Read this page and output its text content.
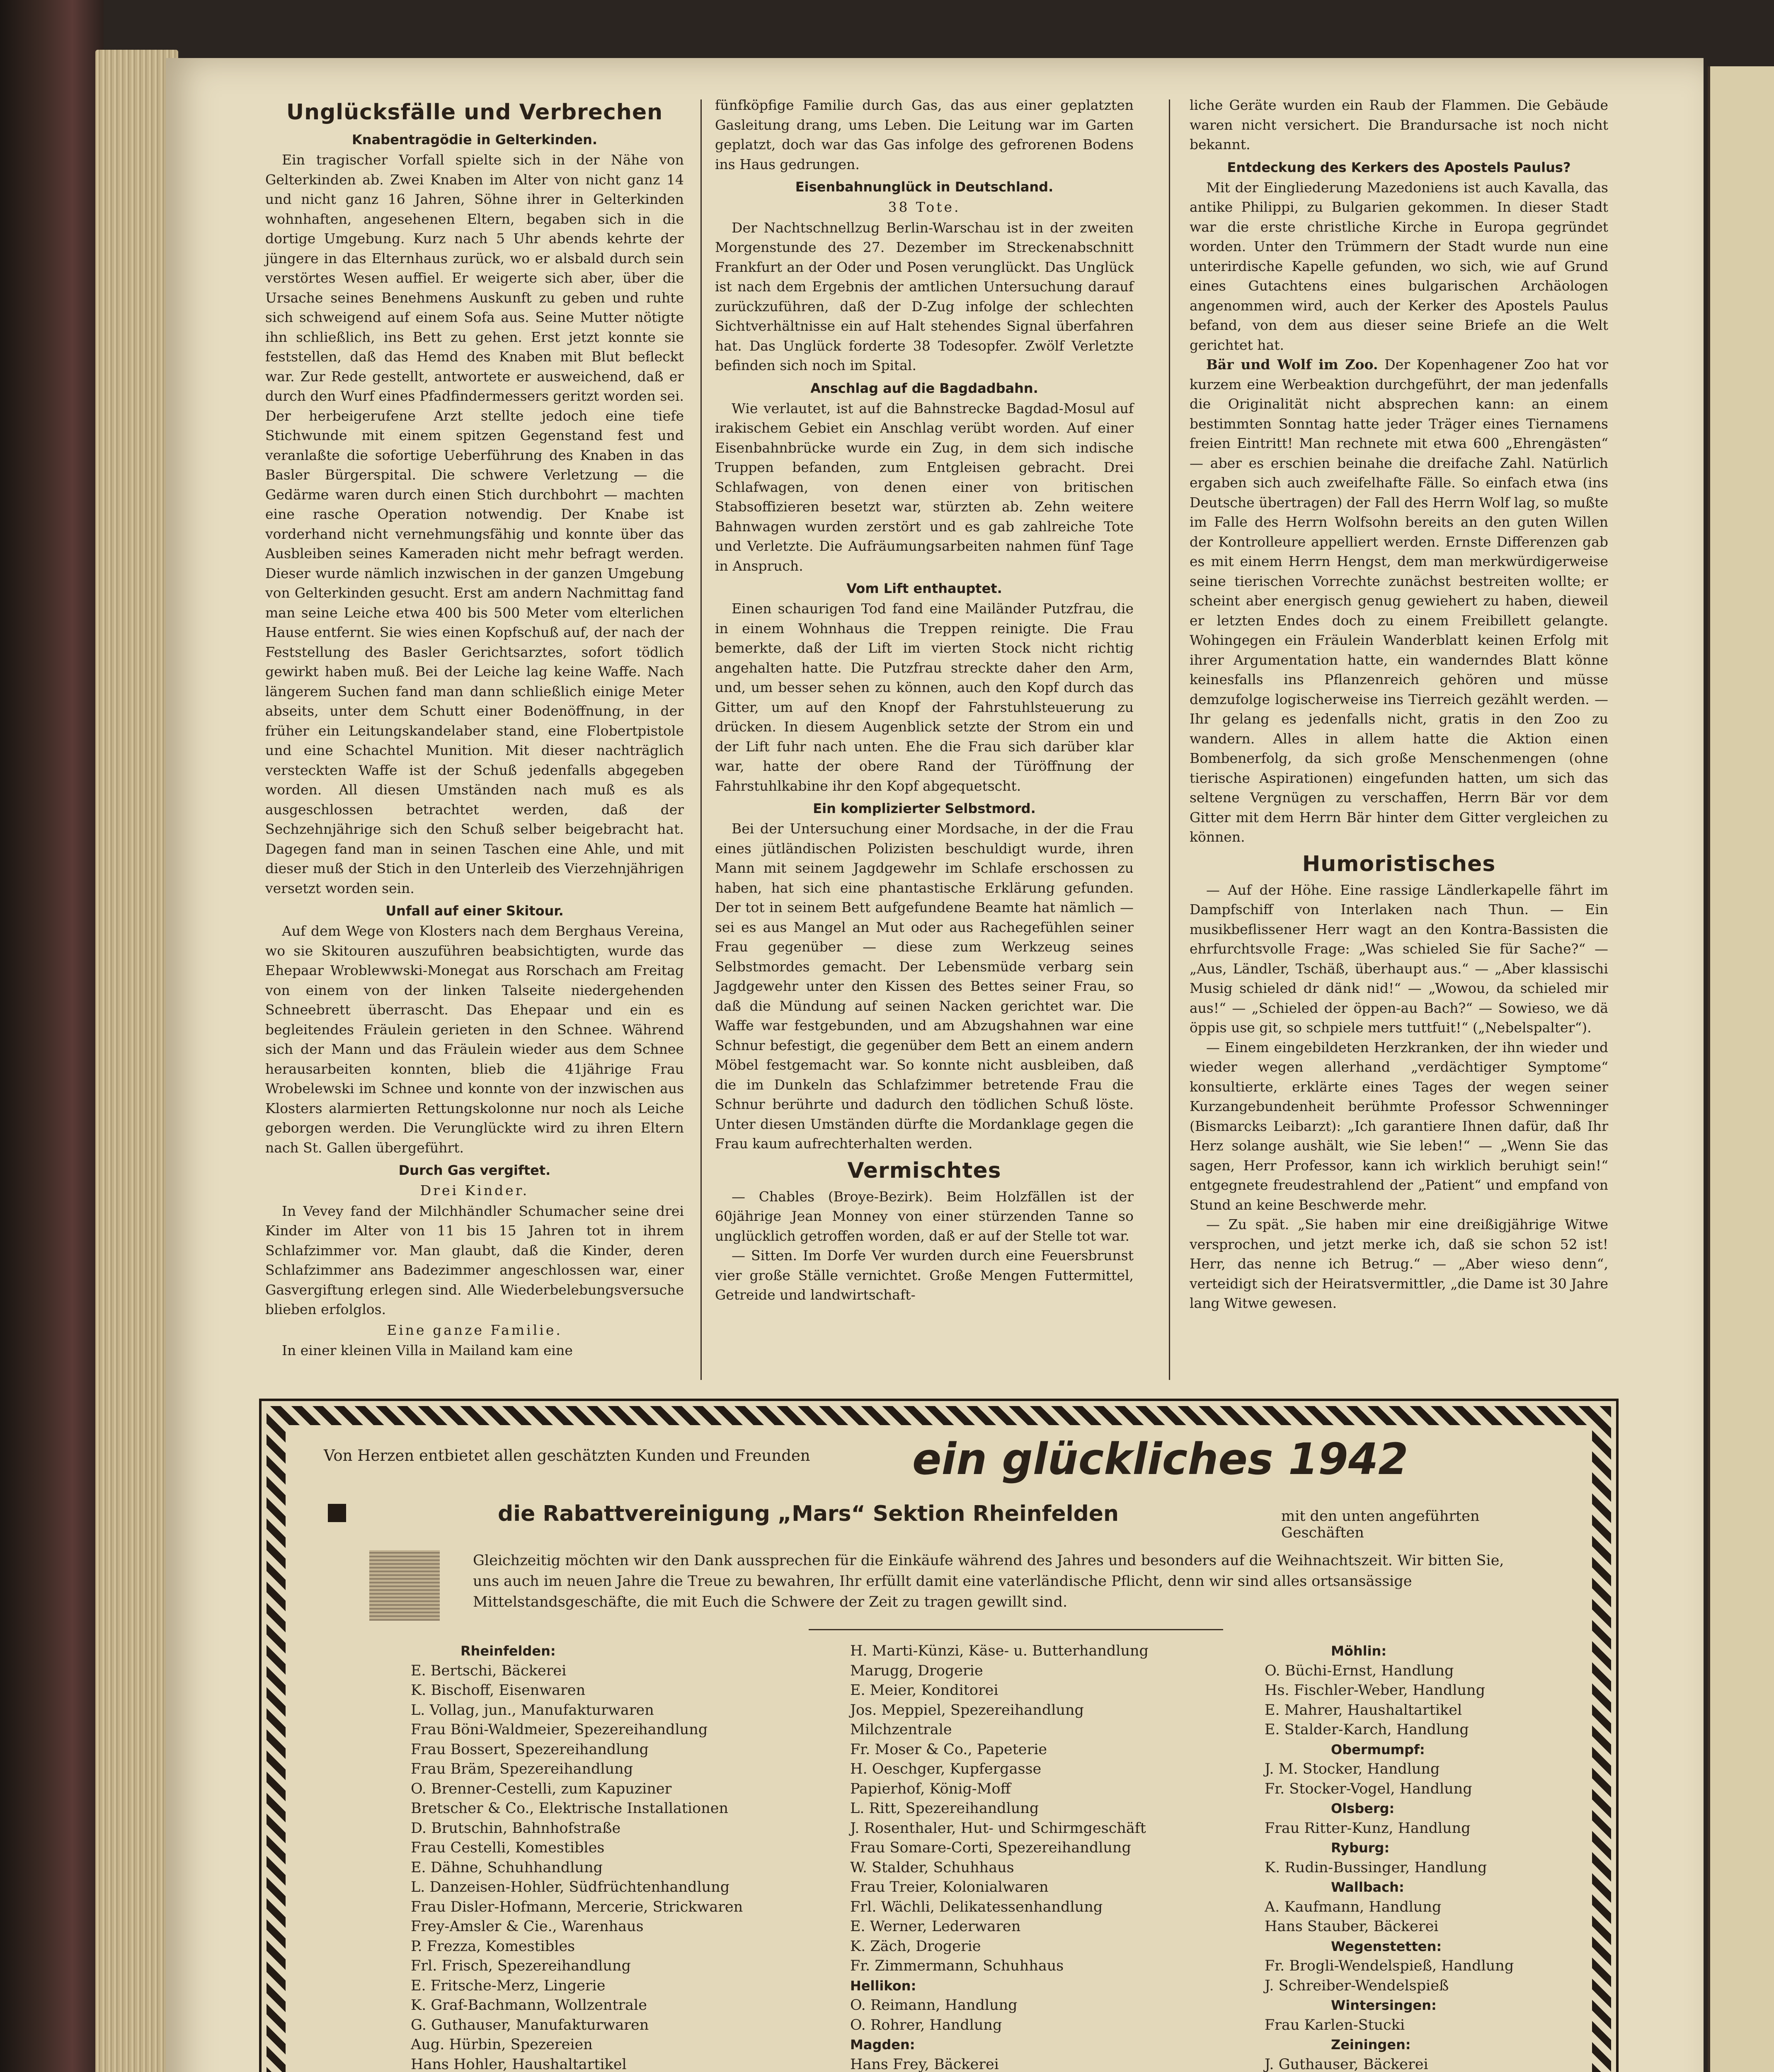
Unglücksfälle und Verbrechen
Knabentragödie in Gelterkinden.

Ein tragischer Vorfall spielte sich in der Nähe von Gelterkinden ab. Zwei Knaben im Alter von nicht ganz 14 und nicht ganz 16 Jahren, Söhne ihrer in Gelterkinden wohnhaften, angesehenen Eltern, begaben sich in die dortige Umgebung. Kurz nach 5 Uhr abends kehrte der jüngere in das Elternhaus zurück, wo er alsbald durch sein verstörtes Wesen auffiel. Er weigerte sich aber, über die Ursache seines Benehmens Auskunft zu geben und ruhte sich schweigend auf einem Sofa aus. Seine Mutter nötigte ihn schließlich, ins Bett zu gehen. Erst jetzt konnte sie feststellen, daß das Hemd des Knaben mit Blut befleckt war. Zur Rede gestellt, antwortete er ausweichend, daß er durch den Wurf eines Pfadfindermessers geritzt worden sei. Der herbeigerufene Arzt stellte jedoch eine tiefe Stichwunde mit einem spitzen Gegenstand fest und veranlaßte die sofortige Ueberführung des Knaben in das Basler Bürgerspital. Die schwere Verletzung — die Gedärme waren durch einen Stich durchbohrt — machten eine rasche Operation notwendig. Der Knabe ist vorderhand nicht vernehmungsfähig und konnte über das Ausbleiben seines Kameraden nicht mehr befragt werden. Dieser wurde nämlich inzwischen in der ganzen Umgebung von Gelterkinden gesucht. Erst am andern Nachmittag fand man seine Leiche etwa 400 bis 500 Meter vom elterlichen Hause entfernt. Sie wies einen Kopfschuß auf, der nach der Feststellung des Basler Gerichtsarztes, sofort tödlich gewirkt haben muß. Bei der Leiche lag keine Waffe. Nach längerem Suchen fand man dann schließlich einige Meter abseits, unter dem Schutt einer Bodenöffnung, in der früher ein Leitungskandelaber stand, eine Flobertpistole und eine Schachtel Munition. Mit dieser nachträglich versteckten Waffe ist der Schuß jedenfalls abgegeben worden. All diesen Umständen nach muß es als ausgeschlossen betrachtet werden, daß der Sechzehnjährige sich den Schuß selber beigebracht hat. Dagegen fand man in seinen Taschen eine Ahle, und mit dieser muß der Stich in den Unterleib des Vierzehnjährigen versetzt worden sein.

Unfall auf einer Skitour.

Auf dem Wege von Klosters nach dem Berghaus Vereina, wo sie Skitouren auszuführen beabsichtigten, wurde das Ehepaar Wroblewwski-Monegat aus Rorschach am Freitag von einem von der linken Talseite niedergehenden Schneebrett überrascht. Das Ehepaar und ein es begleitendes Fräulein gerieten in den Schnee. Während sich der Mann und das Fräulein wieder aus dem Schnee herausarbeiten konnten, blieb die 41jährige Frau Wrobelewski im Schnee und konnte von der inzwischen aus Klosters alarmierten Rettungskolonne nur noch als Leiche geborgen werden. Die Verunglückte wird zu ihren Eltern nach St. Gallen übergeführt.

Durch Gas vergiftet.
Drei Kinder.

In Vevey fand der Milchhändler Schumacher seine drei Kinder im Alter von 11 bis 15 Jahren tot in ihrem Schlafzimmer vor. Man glaubt, daß die Kinder, deren Schlafzimmer ans Badezimmer angeschlossen war, einer Gasvergiftung erlegen sind. Alle Wiederbelebungsversuche blieben erfolglos.

Eine ganze Familie.

In einer kleinen Villa in Mailand kam eine

fünfköpfige Familie durch Gas, das aus einer geplatzten Gasleitung drang, ums Leben. Die Leitung war im Garten geplatzt, doch war das Gas infolge des gefrorenen Bodens ins Haus gedrungen.

Eisenbahnunglück in Deutschland.
38 Tote.

Der Nachtschnellzug Berlin-Warschau ist in der zweiten Morgenstunde des 27. Dezember im Streckenabschnitt Frankfurt an der Oder und Posen verunglückt. Das Unglück ist nach dem Ergebnis der amtlichen Untersuchung darauf zurückzuführen, daß der D-Zug infolge der schlechten Sichtverhältnisse ein auf Halt stehendes Signal überfahren hat. Das Unglück forderte 38 Todesopfer. Zwölf Verletzte befinden sich noch im Spital.

Anschlag auf die Bagdadbahn.

Wie verlautet, ist auf die Bahnstrecke Bagdad-Mosul auf irakischem Gebiet ein Anschlag verübt worden. Auf einer Eisenbahnbrücke wurde ein Zug, in dem sich indische Truppen befanden, zum Entgleisen gebracht. Drei Schlafwagen, von denen einer von britischen Stabsoffizieren besetzt war, stürzten ab. Zehn weitere Bahnwagen wurden zerstört und es gab zahlreiche Tote und Verletzte. Die Aufräumungsarbeiten nahmen fünf Tage in Anspruch.

Vom Lift enthauptet.

Einen schaurigen Tod fand eine Mailänder Putzfrau, die in einem Wohnhaus die Treppen reinigte. Die Frau bemerkte, daß der Lift im vierten Stock nicht richtig angehalten hatte. Die Putzfrau streckte daher den Arm, und, um besser sehen zu können, auch den Kopf durch das Gitter, um auf den Knopf der Fahrstuhlsteuerung zu drücken. In diesem Augenblick setzte der Strom ein und der Lift fuhr nach unten. Ehe die Frau sich darüber klar war, hatte der obere Rand der Türöffnung der Fahrstuhlkabine ihr den Kopf abgequetscht.

Ein komplizierter Selbstmord.

Bei der Untersuchung einer Mordsache, in der die Frau eines jütländischen Polizisten beschuldigt wurde, ihren Mann mit seinem Jagdgewehr im Schlafe erschossen zu haben, hat sich eine phantastische Erklärung gefunden. Der tot in seinem Bett aufgefundene Beamte hat nämlich — sei es aus Mangel an Mut oder aus Rachegefühlen seiner Frau gegenüber — diese zum Werkzeug seines Selbstmordes gemacht. Der Lebensmüde verbarg sein Jagdgewehr unter den Kissen des Bettes seiner Frau, so daß die Mündung auf seinen Nacken gerichtet war. Die Waffe war festgebunden, und am Abzugshahnen war eine Schnur befestigt, die gegenüber dem Bett an einem andern Möbel festgemacht war. So konnte nicht ausbleiben, daß die im Dunkeln das Schlafzimmer betretende Frau die Schnur berührte und dadurch den tödlichen Schuß löste. Unter diesen Umständen dürfte die Mordanklage gegen die Frau kaum aufrechterhalten werden.

Vermischtes

— Chables (Broye-Bezirk). Beim Holzfällen ist der 60jährige Jean Monney von einer stürzenden Tanne so unglücklich getroffen worden, daß er auf der Stelle tot war.

— Sitten. Im Dorfe Ver wurden durch eine Feuersbrunst vier große Ställe vernichtet. Große Mengen Futtermittel, Getreide und landwirtschaft-

liche Geräte wurden ein Raub der Flammen. Die Gebäude waren nicht versichert. Die Brandursache ist noch nicht bekannt.

Entdeckung des Kerkers des Apostels Paulus?

Mit der Eingliederung Mazedoniens ist auch Kavalla, das antike Philippi, zu Bulgarien gekommen. In dieser Stadt war die erste christliche Kirche in Europa gegründet worden. Unter den Trümmern der Stadt wurde nun eine unterirdische Kapelle gefunden, wo sich, wie auf Grund eines Gutachtens eines bulgarischen Archäologen angenommen wird, auch der Kerker des Apostels Paulus befand, von dem aus dieser seine Briefe an die Welt gerichtet hat.

Bär und Wolf im Zoo. Der Kopenhagener Zoo hat vor kurzem eine Werbeaktion durchgeführt, der man jedenfalls die Originalität nicht absprechen kann: an einem bestimmten Sonntag hatte jeder Träger eines Tiernamens freien Eintritt! Man rechnete mit etwa 600 „Ehrengästen“ — aber es erschien beinahe die dreifache Zahl. Natürlich ergaben sich auch zweifelhafte Fälle. So einfach etwa (ins Deutsche übertragen) der Fall des Herrn Wolf lag, so mußte im Falle des Herrn Wolfsohn bereits an den guten Willen der Kontrolleure appelliert werden. Ernste Differenzen gab es mit einem Herrn Hengst, dem man merkwürdigerweise seine tierischen Vorrechte zunächst bestreiten wollte; er scheint aber energisch genug gewiehert zu haben, dieweil er letzten Endes doch zu einem Freibillett gelangte. Wohingegen ein Fräulein Wanderblatt keinen Erfolg mit ihrer Argumentation hatte, ein wanderndes Blatt könne keinesfalls ins Pflanzenreich gehören und müsse demzufolge logischerweise ins Tierreich gezählt werden. — Ihr gelang es jedenfalls nicht, gratis in den Zoo zu wandern. Alles in allem hatte die Aktion einen Bombenerfolg, da sich große Menschenmengen (ohne tierische Aspirationen) eingefunden hatten, um sich das seltene Vergnügen zu verschaffen, Herrn Bär vor dem Gitter mit dem Herrn Bär hinter dem Gitter vergleichen zu können.

Humoristisches

— Auf der Höhe. Eine rassige Ländlerkapelle fährt im Dampfschiff von Interlaken nach Thun. — Ein musikbeflissener Herr wagt an den Kontra-Bassisten die ehrfurchtsvolle Frage: „Was schieled Sie für Sache?“ — „Aus, Ländler, Tschäß, überhaupt aus.“ — „Aber klassischi Musig schieled dr dänk nid!“ — „Wowou, da schieled mir aus!“ — „Schieled der öppen-au Bach?“ — Sowieso, we dä öppis use git, so schpiele mers tuttfuit!“ („Nebelspalter“).

— Einem eingebildeten Herzkranken, der ihn wieder und wieder wegen allerhand „verdächtiger Symptome“ konsultierte, erklärte eines Tages der wegen seiner Kurzangebundenheit berühmte Professor Schwenninger (Bismarcks Leibarzt): „Ich garantiere Ihnen dafür, daß Ihr Herz solange aushält, wie Sie leben!“ — „Wenn Sie das sagen, Herr Professor, kann ich wirklich beruhigt sein!“ entgegnete freudestrahlend der „Patient“ und empfand von Stund an keine Beschwerde mehr.

— Zu spät. „Sie haben mir eine dreißigjährige Witwe versprochen, und jetzt merke ich, daß sie schon 52 ist! Herr, das nenne ich Betrug.“ — „Aber wieso denn“, verteidigt sich der Heiratsvermittler, „die Dame ist 30 Jahre lang Witwe gewesen.

Von Herzen entbietet allen geschätzten Kunden und Freunden ein glückliches 1942
die Rabattvereinigung „Mars“ Sektion Rheinfelden	mit den unten angeführten Geschäften
Gleichzeitig möchten wir den Dank aussprechen für die Einkäufe während des Jahres und besonders auf die Weihnachtszeit. Wir bitten Sie, uns auch im neuen Jahre die Treue zu bewahren, Ihr erfüllt damit eine vaterländische Pflicht, denn wir sind alles ortsansässige Mittelstandsgeschäfte, die mit Euch die Schwere der Zeit zu tragen gewillt sind.
Rheinfelden:
E. Bertschi, Bäckerei
K. Bischoff, Eisenwaren
L. Vollag, jun., Manufakturwaren
Frau Böni-Waldmeier, Spezereihandlung
Frau Bossert, Spezereihandlung
Frau Bräm, Spezereihandlung
O. Brenner-Cestelli, zum Kapuziner
Bretscher & Co., Elektrische Installationen
D. Brutschin, Bahnhofstraße
Frau Cestelli, Komestibles
E. Dähne, Schuhhandlung
L. Danzeisen-Hohler, Südfrüchtenhandlung
Frau Disler-Hofmann, Mercerie, Strickwaren
Frey-Amsler & Cie., Warenhaus
P. Frezza, Komestibles
Frl. Frisch, Spezereihandlung
E. Fritsche-Merz, Lingerie
K. Graf-Bachmann, Wollzentrale
G. Guthauser, Manufakturwaren
Aug. Hürbin, Spezereien
Hans Hohler, Haushaltartikel
H. Marti-Künzi, Käse- u. Butterhandlung
Marugg, Drogerie
E. Meier, Konditorei
Jos. Meppiel, Spezereihandlung
Milchzentrale
Fr. Moser & Co., Papeterie
H. Oeschger, Kupfergasse
Papierhof, König-Moff
L. Ritt, Spezereihandlung
J. Rosenthaler, Hut- und Schirmgeschäft
Frau Somare-Corti, Spezereihandlung
W. Stalder, Schuhhaus
Frau Treier, Kolonialwaren
Frl. Wächli, Delikatessenhandlung
E. Werner, Lederwaren
K. Zäch, Drogerie
Fr. Zimmermann, Schuhhaus
Hellikon:
O. Reimann, Handlung
O. Rohrer, Handlung
Magden:
Hans Frey, Bäckerei
Möhlin:
O. Büchi-Ernst, Handlung
Hs. Fischler-Weber, Handlung
E. Mahrer, Haushaltartikel
E. Stalder-Karch, Handlung
Obermumpf:
J. M. Stocker, Handlung
Fr. Stocker-Vogel, Handlung
Olsberg:
Frau Ritter-Kunz, Handlung
Ryburg:
K. Rudin-Bussinger, Handlung
Wallbach:
A. Kaufmann, Handlung
Hans Stauber, Bäckerei
Wegenstetten:
Fr. Brogli-Wendelspieß, Handlung
J. Schreiber-Wendelspieß
Wintersingen:
Frau Karlen-Stucki
Zeiningen:
J. Guthauser, Bäckerei
